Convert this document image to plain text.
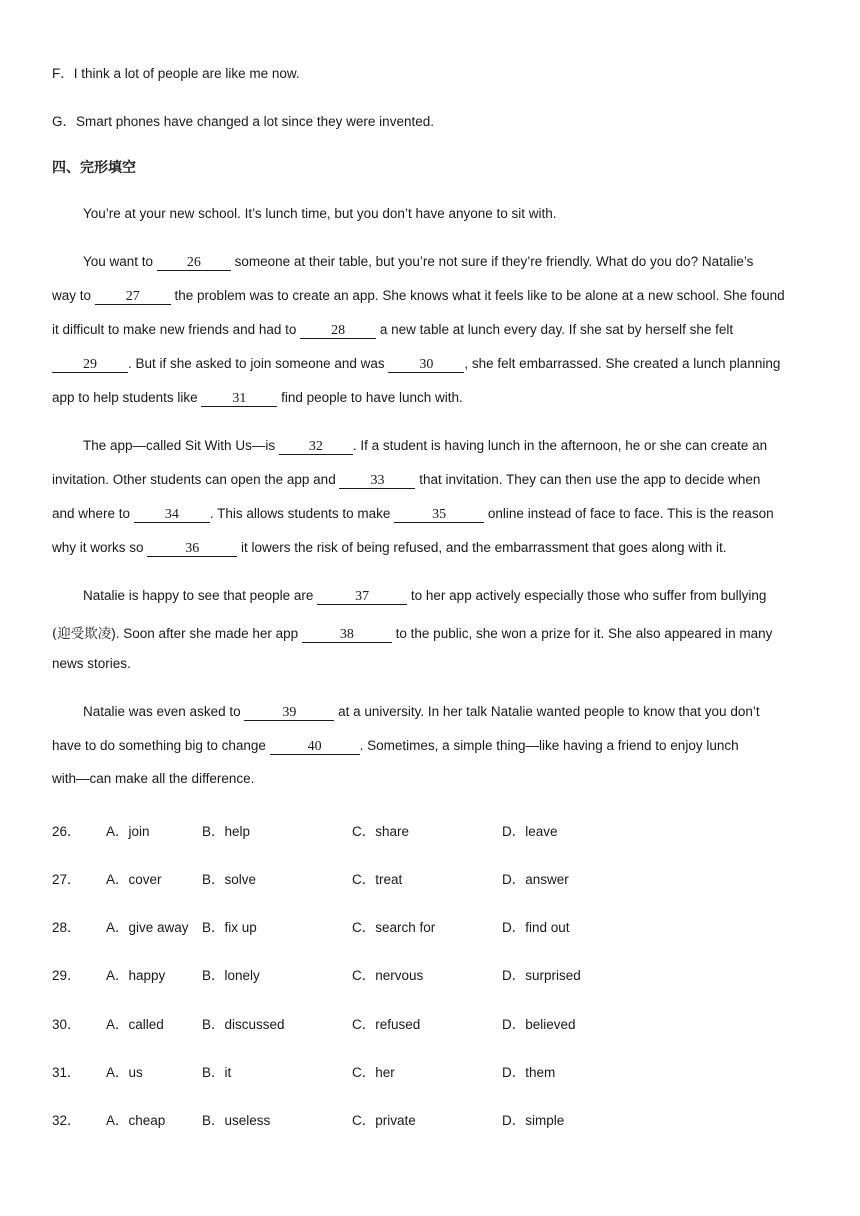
F．I think a lot of people are like me now.
G．Smart phones have changed a lot since they were invented.
四、完形填空
You’re at your new school. It’s lunch time, but you don’t have anyone to sit with.
You want to 26 someone at their table, but you’re not sure if they’re friendly. What do you do? Natalie’s
way to 27 the problem was to create an app. She knows what it feels like to be alone at a new school. She found
it difficult to make new friends and had to 28 a new table at lunch every day. If she sat by herself she felt
29 . But if she asked to join someone and was 30 , she felt embarrassed. She created a lunch planning
app to help students like 31 find people to have lunch with.
The app—called Sit With Us—is 32 . If a student is having lunch in the afternoon, he or she can create an
invitation. Other students can open the app and 33 that invitation. They can then use the app to decide when
and where to 34 . This allows students to make	35	online instead of face to face. This is the reason
why it works so	36	it lowers the risk of being refused, and the embarrassment that goes along with it.
Natalie is happy to see that people are	37	to her app actively especially those who suffer from bullying
(迎受欺凌). Soon after she made her app	38	to the public, she won a prize for it. She also appeared in many
news stories.
Natalie was even asked to	39	at a university. In her talk Natalie wanted people to know that you don’t
have to do something big to change	40	. Sometimes, a simple thing—like having a friend to enjoy lunch
with—can make all the difference.
26． A．join	B．help	C．share	D．leave
27． A．cover	B．solve	C．treat	D．answer
28． A．give away B．fix up	C．search for	D．find out
29． A．happy	B．lonely	C．nervous	D．surprised
30． A．called	B．discussed	C．refused	D．believed
31． A．us	B．it	C．her	D．them
32． A．cheap	B．useless	C．private	D．simple
